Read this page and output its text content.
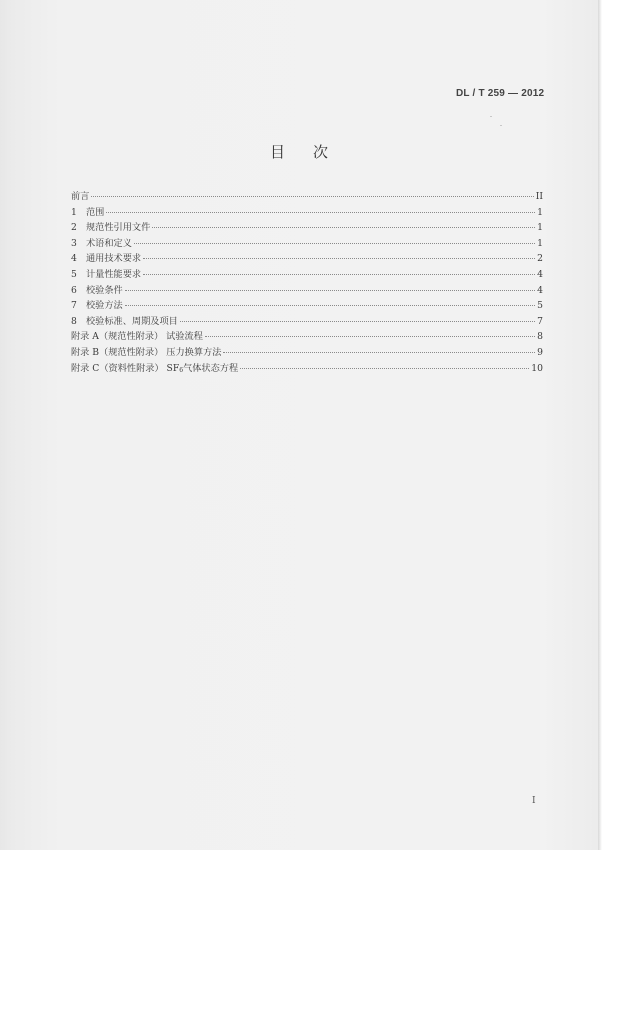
DL / T 259 — 2012
目 次
前言	II
1 范围	1
2 规范性引用文件	1
3 术语和定义	1
4 通用技术要求	2
5 计量性能要求	4
6 校验条件	4
7 校验方法	5
8 校验标准、周期及项目	7
附录 A（规范性附录） 试验流程	8
附录 B（规范性附录） 压力换算方法	9
附录 C（资料性附录） SF6气体状态方程	10
I
